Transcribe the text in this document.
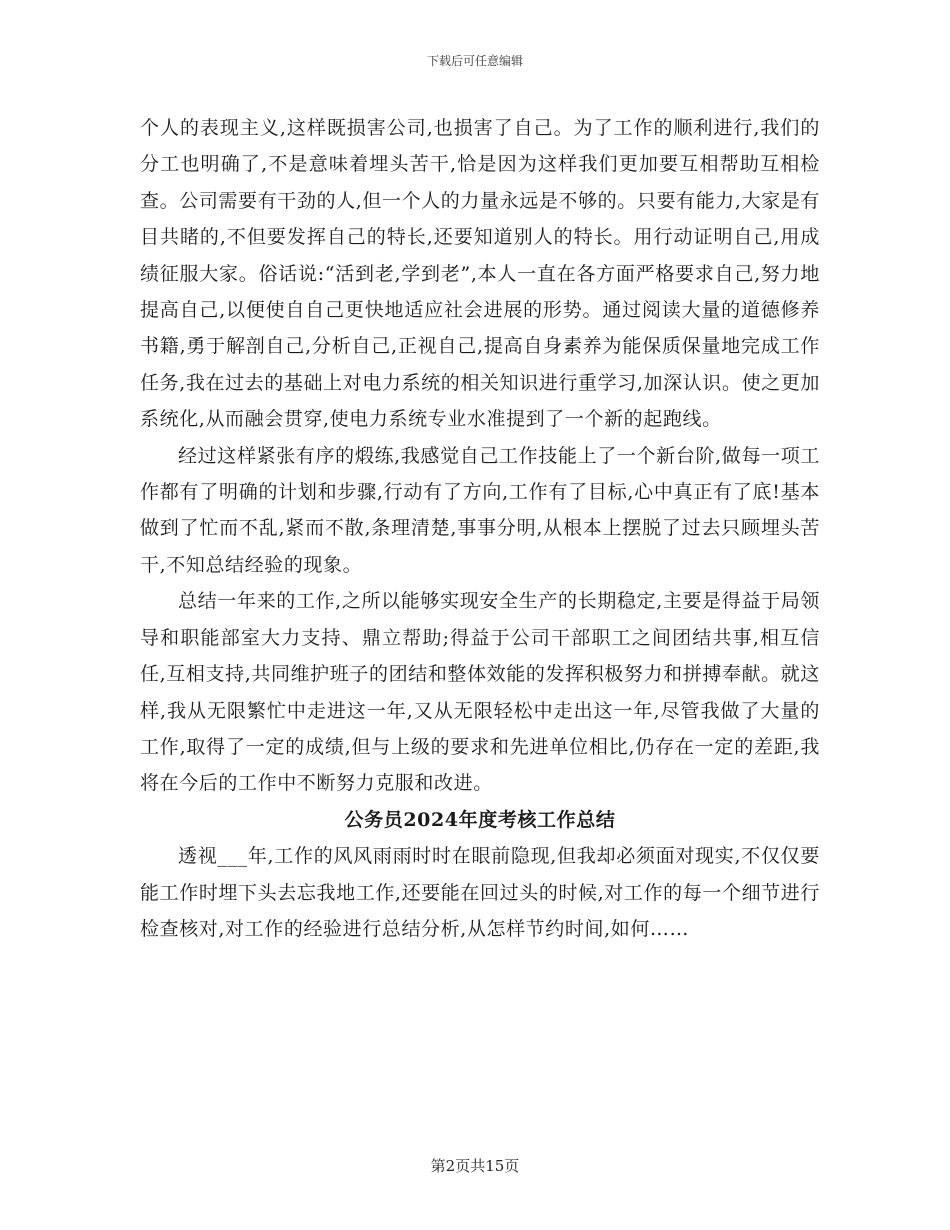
下载后可任意编辑

个人的表现主义,这样既损害公司,也损害了自己。为了工作的顺利进行,我们的分工也明确了,不是意味着埋头苦干,恰是因为这样我们更加要互相帮助互相检查。公司需要有干劲的人,但一个人的力量永远是不够的。只要有能力,大家是有目共睹的,不但要发挥自己的特长,还要知道别人的特长。用行动证明自己,用成绩征服大家。俗话说:“活到老,学到老”,本人一直在各方面严格要求自己,努力地提高自己,以便使自自己更快地适应社会进展的形势。通过阅读大量的道德修养书籍,勇于解剖自己,分析自己,正视自己,提高自身素养为能保质保量地完成工作任务,我在过去的基础上对电力系统的相关知识进行重学习,加深认识。使之更加系统化,从而融会贯穿,使电力系统专业水准提到了一个新的起跑线。

经过这样紧张有序的煅练,我感觉自己工作技能上了一个新台阶,做每一项工作都有了明确的计划和步骤,行动有了方向,工作有了目标,心中真正有了底!基本做到了忙而不乱,紧而不散,条理清楚,事事分明,从根本上摆脱了过去只顾埋头苦干,不知总结经验的现象。

总结一年来的工作,之所以能够实现安全生产的长期稳定,主要是得益于局领导和职能部室大力支持、鼎立帮助;得益于公司干部职工之间团结共事,相互信任,互相支持,共同维护班子的团结和整体效能的发挥积极努力和拼搏奉献。就这样,我从无限繁忙中走进这一年,又从无限轻松中走出这一年,尽管我做了大量的工作,取得了一定的成绩,但与上级的要求和先进单位相比,仍存在一定的差距,我将在今后的工作中不断努力克服和改进。

公务员2024年度考核工作总结

透视___年,工作的风风雨雨时时在眼前隐现,但我却必须面对现实,不仅仅要能工作时埋下头去忘我地工作,还要能在回过头的时候,对工作的每一个细节进行检查核对,对工作的经验进行总结分析,从怎样节约时间,如何……

第2页共15页
